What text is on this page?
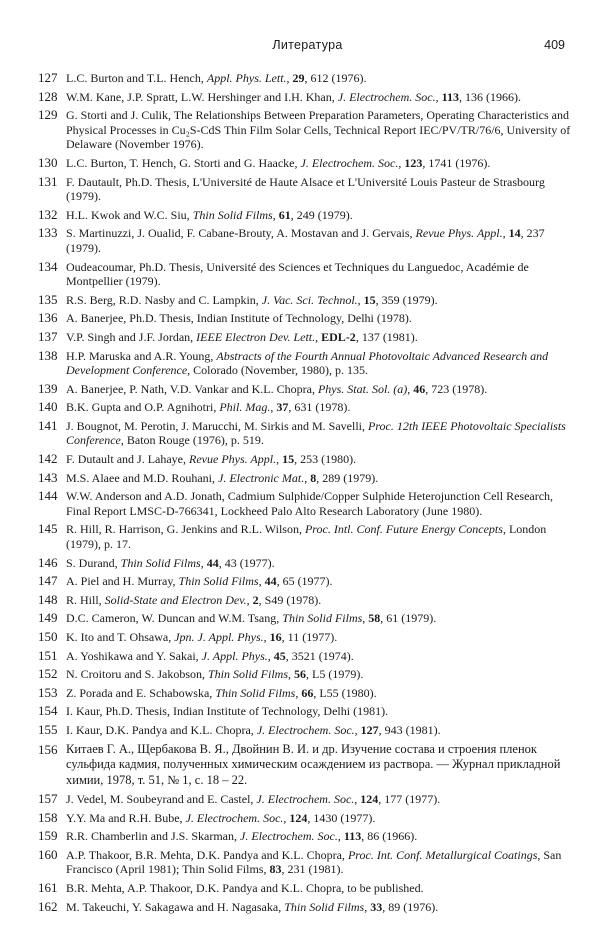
Литература	409
127 L.C. Burton and T.L. Hench, Appl. Phys. Lett., 29, 612 (1976).
128 W.M. Kane, J.P. Spratt, L.W. Hershinger and I.H. Khan, J. Electrochem. Soc., 113, 136 (1966).
129 G. Storti and J. Culik, The Relationships Between Preparation Parameters, Operating Characteristics and Physical Processes in Cu₂S-CdS Thin Film Solar Cells, Technical Report IEC/PV/TR/76/6, University of Delaware (November 1976).
130 L.C. Burton, T. Hench, G. Storti and G. Haacke, J. Electrochem. Soc., 123, 1741 (1976).
131 F. Dautault, Ph.D. Thesis, L'Université de Haute Alsace et L'Université Louis Pasteur de Strasbourg (1979).
132 H.L. Kwok and W.C. Siu, Thin Solid Films, 61, 249 (1979).
133 S. Martinuzzi, J. Oualid, F. Cabane-Brouty, A. Mostavan and J. Gervais, Revue Phys. Appl., 14, 237 (1979).
134 Oudeacoumar, Ph.D. Thesis, Université des Sciences et Techniques du Languedoc, Académie de Montpellier (1979).
135 R.S. Berg, R.D. Nasby and C. Lampkin, J. Vac. Sci. Technol., 15, 359 (1979).
136 A. Banerjee, Ph.D. Thesis, Indian Institute of Technology, Delhi (1978).
137 V.P. Singh and J.F. Jordan, IEEE Electron Dev. Lett., EDL-2, 137 (1981).
138 H.P. Maruska and A.R. Young, Abstracts of the Fourth Annual Photovoltaic Advanced Research and Development Conference, Colorado (November, 1980), p. 135.
139 A. Banerjee, P. Nath, V.D. Vankar and K.L. Chopra, Phys. Stat. Sol. (a), 46, 723 (1978).
140 B.K. Gupta and O.P. Agnihotri, Phil. Mag., 37, 631 (1978).
141 J. Bougnot, M. Perotin, J. Marucchi, M. Sirkis and M. Savelli, Proc. 12th IEEE Photovoltaic Specialists Conference, Baton Rouge (1976), p. 519.
142 F. Dutault and J. Lahaye, Revue Phys. Appl., 15, 253 (1980).
143 M.S. Alaee and M.D. Rouhani, J. Electronic Mat., 8, 289 (1979).
144 W.W. Anderson and A.D. Jonath, Cadmium Sulphide/Copper Sulphide Heterojunction Cell Research, Final Report LMSC-D-766341, Lockheed Palo Alto Research Laboratory (June 1980).
145 R. Hill, R. Harrison, G. Jenkins and R.L. Wilson, Proc. Intl. Conf. Future Energy Concepts, London (1979), p. 17.
146 S. Durand, Thin Solid Films, 44, 43 (1977).
147 A. Piel and H. Murray, Thin Solid Films, 44, 65 (1977).
148 R. Hill, Solid-State and Electron Dev., 2, S49 (1978).
149 D.C. Cameron, W. Duncan and W.M. Tsang, Thin Solid Films, 58, 61 (1979).
150 K. Ito and T. Ohsawa, Jpn. J. Appl. Phys., 16, 11 (1977).
151 A. Yoshikawa and Y. Sakai, J. Appl. Phys., 45, 3521 (1974).
152 N. Croitoru and S. Jakobson, Thin Solid Films, 56, L5 (1979).
153 Z. Porada and E. Schabowska, Thin Solid Films, 66, L55 (1980).
154 I. Kaur, Ph.D. Thesis, Indian Institute of Technology, Delhi (1981).
155 I. Kaur, D.K. Pandya and K.L. Chopra, J. Electrochem. Soc., 127, 943 (1981).
156 Китаев Г. А., Щербакова В. Я., Двойнин В. И. и др. Изучение состава и строения пленок сульфида кадмия, полученных химическим осаждением из раствора. — Журнал прикладной химии, 1978, т. 51, № 1, с. 18 – 22.
157 J. Vedel, M. Soubeyrand and E. Castel, J. Electrochem. Soc., 124, 177 (1977).
158 Y.Y. Ma and R.H. Bube, J. Electrochem. Soc., 124, 1430 (1977).
159 R.R. Chamberlin and J.S. Skarman, J. Electrochem. Soc., 113, 86 (1966).
160 A.P. Thakoor, B.R. Mehta, D.K. Pandya and K.L. Chopra, Proc. Int. Conf. Metallurgical Coatings, San Francisco (April 1981); Thin Solid Films, 83, 231 (1981).
161 B.R. Mehta, A.P. Thakoor, D.K. Pandya and K.L. Chopra, to be published.
162 M. Takeuchi, Y. Sakagawa and H. Nagasaka, Thin Solid Films, 33, 89 (1976).
